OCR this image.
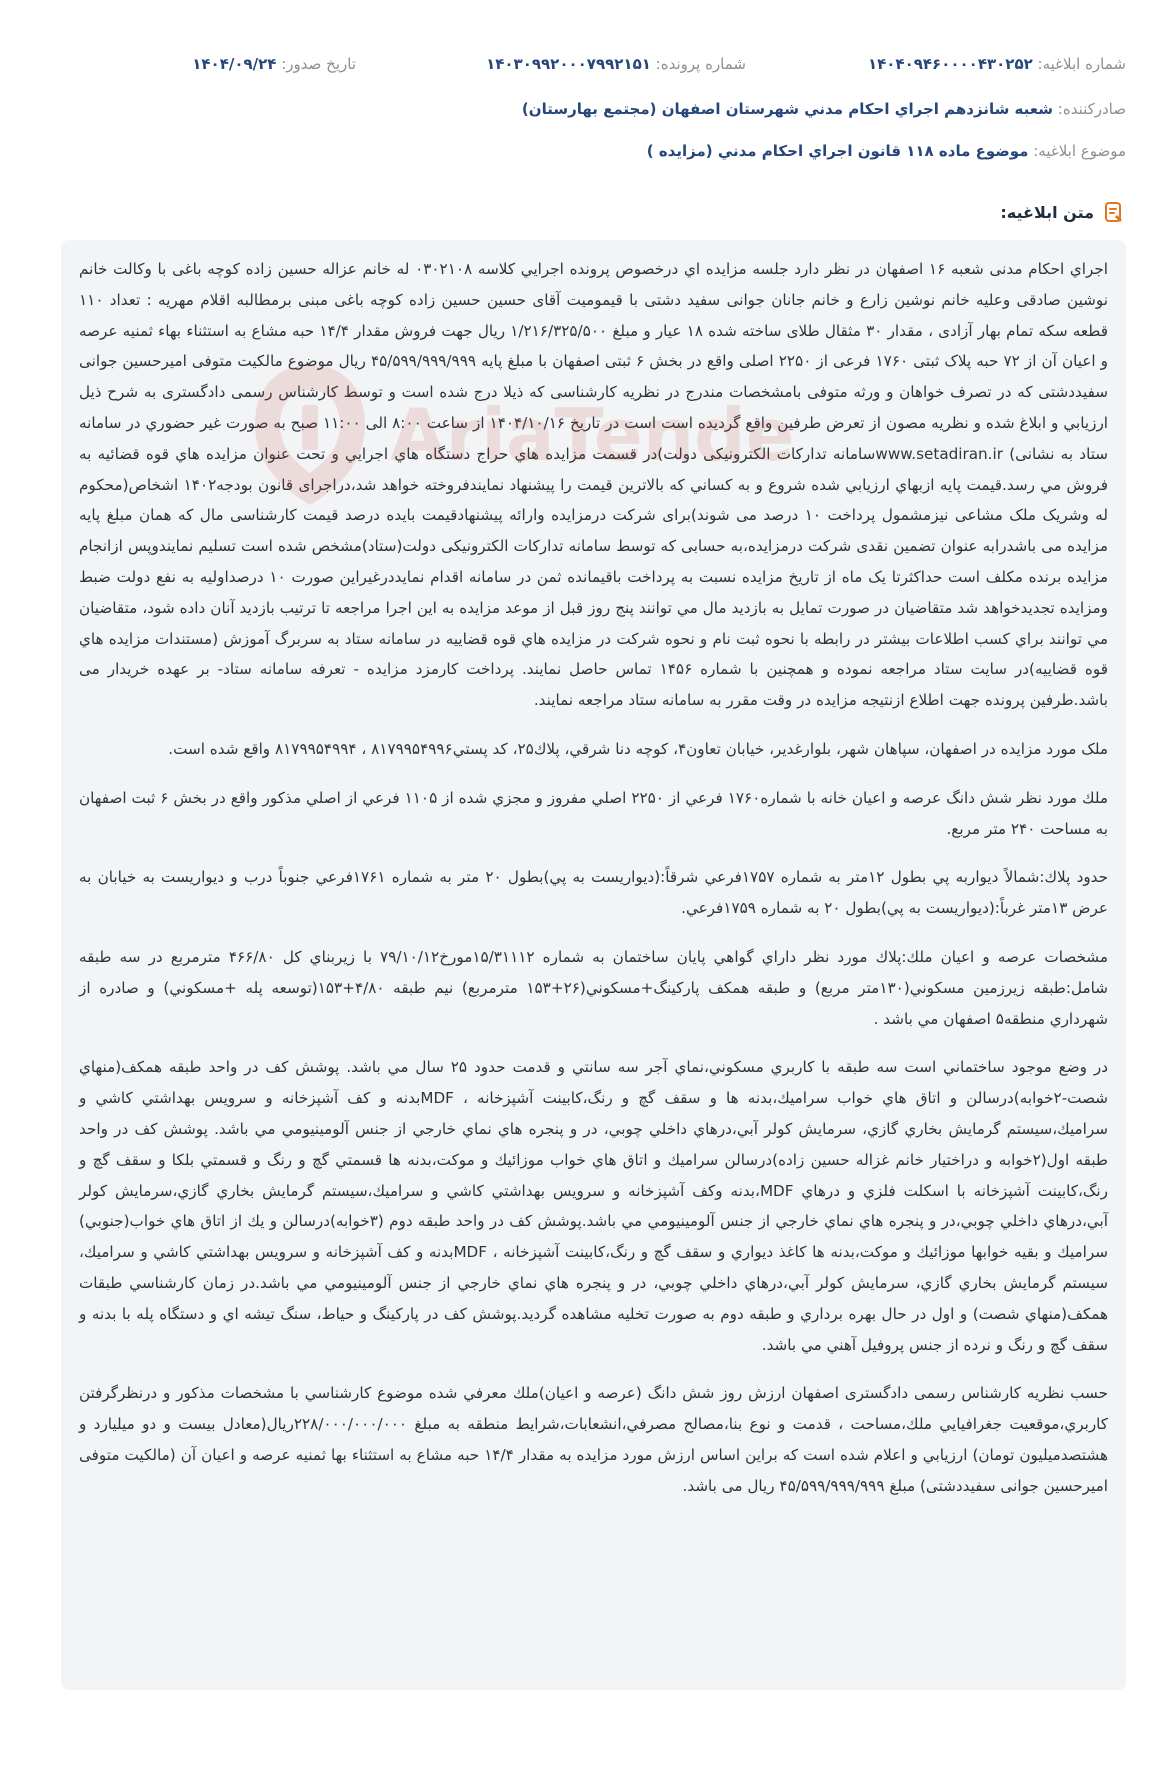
شماره ابلاغیه: ۱۴۰۴۰۹۴۶۰۰۰۰۴۳۰۲۵۲
شماره پرونده: ۱۴۰۳۰۹۹۲۰۰۰۷۹۹۲۱۵۱
تاریخ صدور: ۱۴۰۴/۰۹/۲۴
صادرکننده: شعبه شانزدهم اجراي احكام مدني شهرستان اصفهان (مجتمع بهارستان)
موضوع ابلاغیه: موضوع ماده ۱۱۸ قانون اجراي احكام مدني (مزايده )
متن ابلاغیه:

اجراي احكام مدنی شعبه ۱۶ اصفهان در نظر دارد جلسه مزايده اي درخصوص پرونده اجرايي كلاسه ۰۳۰۲۱۰۸ له خانم عزاله حسین زاده کوچه باغی با وکالت خانم نوشین صادقی وعلیه خانم نوشین زارع و خانم جانان جوانی سفید دشتی با قیمومیت آقای حسین حسین زاده کوچه باغی مبنی برمطالبه اقلام مهریه : تعداد ۱۱۰ قطعه سکه تمام بهار آزادی ، مقدار ۳۰ مثقال طلای ساخته شده ۱۸ عیار و مبلغ ۱/۲۱۶/۳۲۵/۵۰۰ ریال جهت فروش مقدار ۱۴/۴ حبه مشاع به استثناء بهاء ثمنیه عرصه و اعیان آن از ۷۲ حبه پلاک ثبتی ۱۷۶۰ فرعی از ۲۲۵۰ اصلی واقع در بخش ۶ ثبتی اصفهان با مبلغ پایه ۴۵/۵۹۹/۹۹۹/۹۹۹ ریال موضوع مالکیت متوفی امیرحسین جوانی سفیددشتی که در تصرف خواهان و ورثه متوفی بامشخصات مندرج در نظریه کارشناسی که ذیلا درج شده است و توسط کارشناس رسمی دادگستری به شرح ذيل ارزيابي و ابلاغ شده و نظريه مصون از تعرض طرفين واقع گرديده است است در تاريخ ۱۴۰۴/۱۰/۱۶ از ساعت ۸:۰۰ الی ۱۱:۰۰ صبح به صورت غير حضوري در سامانه ستاد به نشانی) www.setadiran.irسامانه تدارکات الکترونیکی دولت)در قسمت مزايده هاي حراج دستگاه هاي اجرايي و تحت عنوان مزايده هاي قوه قضائيه به فروش مي رسد.قيمت پايه ازبهاي ارزيابي شده شروع و به كساني كه بالاترين قيمت را پيشنهاد نمايندفروخته خواهد شد،دراجرای قانون بودجه۱۴۰۲ اشخاص(محکوم له وشریک ملک مشاعی نیزمشمول پرداخت ۱۰ درصد می شوند)برای شرکت درمزایده وارائه پيشنهادقيمت بايده درصد قیمت کارشناسی مال که همان مبلغ پایه مزایده می باشدرابه عنوان تضمین نقدی شرکت درمزایده،به حسابی که توسط سامانه تدارکات الکترونیکی دولت(ستاد)مشخص شده است تسليم نمايندوپس ازانجام مزايده برنده مكلف است حداكثرتا يک ماه از تاريخ مزايده نسبت به پرداخت باقيمانده ثمن در سامانه اقدام نمايددرغيراين صورت ۱۰ درصداوليه به نفع دولت ضبط ومزايده تجديدخواهد شد متقاضيان در صورت تمايل به بازديد مال مي توانند پنج روز قبل از موعد مزايده به اين اجرا مراجعه تا ترتيب بازديد آنان داده شود، متقاضيان مي توانند براي كسب اطلاعات بيشتر در رابطه با نحوه ثبت نام و نحوه شركت در مزايده هاي قوه قضاييه در سامانه ستاد به سربرگ آموزش (مستندات مزايده هاي قوه قضاييه)در سايت ستاد مراجعه نموده و همچنين با شماره ۱۴۵۶ تماس حاصل نمايند. پرداخت کارمزد مزایده - تعرفه سامانه ستاد- بر عهده خریدار می باشد.طرفین پرونده جهت اطلاع ازنتیجه مزایده در وقت مقرر به سامانه ستاد مراجعه نمایند.

ملک مورد مزایده در اصفهان، سپاهان شهر، بلوارغدير، خيابان تعاون۴، كوچه دنا شرقي، پلاك۲۵، كد پستي۸۱۷۹۹۵۴۹۹۶ ، ۸۱۷۹۹۵۴۹۹۴ واقع شده است.

ملك مورد نظر شش دانگ عرصه و اعيان خانه با شماره۱۷۶۰ فرعي از ۲۲۵۰ اصلي مفروز و مجزي شده از ۱۱۰۵ فرعي از اصلي مذكور واقع در بخش ۶ ثبت اصفهان به مساحت ۲۴۰ متر مربع.

حدود پلاك:شمالاً ديواربه پي بطول ۱۲متر به شماره ۱۷۵۷فرعي شرقاً:(ديواريست به پي)بطول ۲۰ متر به شماره ۱۷۶۱فرعي جنوباً درب و ديواريست به خيابان به عرض ۱۳متر غرباً:(ديواريست به پي)بطول ۲۰ به شماره ۱۷۵۹فرعي.

مشخصات عرصه و اعيان ملك:پلاك مورد نظر داراي گواهي پايان ساختمان به شماره ۱۵/۳۱۱۱۲مورخ۷۹/۱۰/۱۲ با زيربناي كل ۴۶۶/۸۰ مترمربع در سه طبقه شامل:طبقه زيرزمين مسكوني(۱۳۰متر مربع) و طبقه همكف پاركينگ+مسكوني(۲۶+۱۵۳ مترمربع) نيم طبقه ۴/۸۰+۱۵۳(توسعه پله +مسكوني) و صادره از شهرداري منطقه۵ اصفهان مي باشد .

در وضع موجود ساختماني است سه طبقه با كاربري مسكوني،نماي آجر سه سانتي و قدمت حدود ۲۵ سال مي باشد. پوشش كف در واحد طبقه همكف(منهاي شصت-۲خوابه)درسالن و اتاق هاي خواب سراميك،بدنه ها و سقف گچ و رنگ،كابينت آشپزخانه ، MDFبدنه و كف آشپزخانه و سرويس بهداشتي كاشي و سراميك،سيستم گرمايش بخاري گازي، سرمايش كولر آبي،درهاي داخلي چوبي، در و پنجره هاي نماي خارجي از جنس آلومينيومي مي باشد. پوشش كف در واحد طبقه اول(۲خوابه و دراختيار خانم غزاله حسين زاده)درسالن سراميك و اتاق هاي خواب موزائيك و موكت،بدنه ها قسمتي گچ و رنگ و قسمتي بلكا و سقف گچ و رنگ،كابينت آشپزخانه با اسكلت فلزي و درهاي MDF،بدنه وكف آشپزخانه و سرويس بهداشتي كاشي و سراميك،سيستم گرمايش بخاري گازي،سرمايش كولر آبي،درهاي داخلي چوبي،در و پنجره هاي نماي خارجي از جنس آلومينيومي مي باشد.پوشش كف در واحد طبقه دوم (۳خوابه)درسالن و يك از اتاق هاي خواب(جنوبي) سراميك و بقيه خوابها موزائيك و موكت،بدنه ها كاغذ ديواري و سقف گچ و رنگ،كابينت آشپزخانه ، MDFبدنه و كف آشپزخانه و سرويس بهداشتي كاشي و سراميك، سيستم گرمايش بخاري گازي، سرمايش كولر آبي،درهاي داخلي چوبي، در و پنجره هاي نماي خارجي از جنس آلومينيومي مي باشد.در زمان كارشناسي طبقات همكف(منهاي شصت) و اول در حال بهره برداري و طبقه دوم به صورت تخليه مشاهده گرديد.پوشش كف در پاركينگ و حياط، سنگ تيشه اي و دستگاه پله با بدنه و سقف گچ و رنگ و نرده از جنس پروفيل آهني مي باشد.

حسب نظريه كارشناس رسمی دادگستری اصفهان ارزش روز شش دانگ (عرصه و اعيان)ملك معرفي شده موضوع كارشناسي با مشخصات مذكور و درنظرگرفتن كاربري،موقعيت جغرافيايي ملك،مساحت ، قدمت و نوع بنا،مصالح مصرفي،انشعابات،شرايط منطقه به مبلغ ۲۲۸/۰۰۰/۰۰۰/۰۰۰ريال(معادل بيست و دو ميليارد و هشتصدميليون تومان) ارزيابي و اعلام شده است كه براين اساس ارزش مورد مزایده به مقدار ۱۴/۴ حبه مشاع به استثناء بها ثمنیه عرصه و اعیان آن (مالکیت متوفی امیرحسین جوانی سفیددشتی) مبلغ ۴۵/۵۹۹/۹۹۹/۹۹۹ ریال می باشد.
